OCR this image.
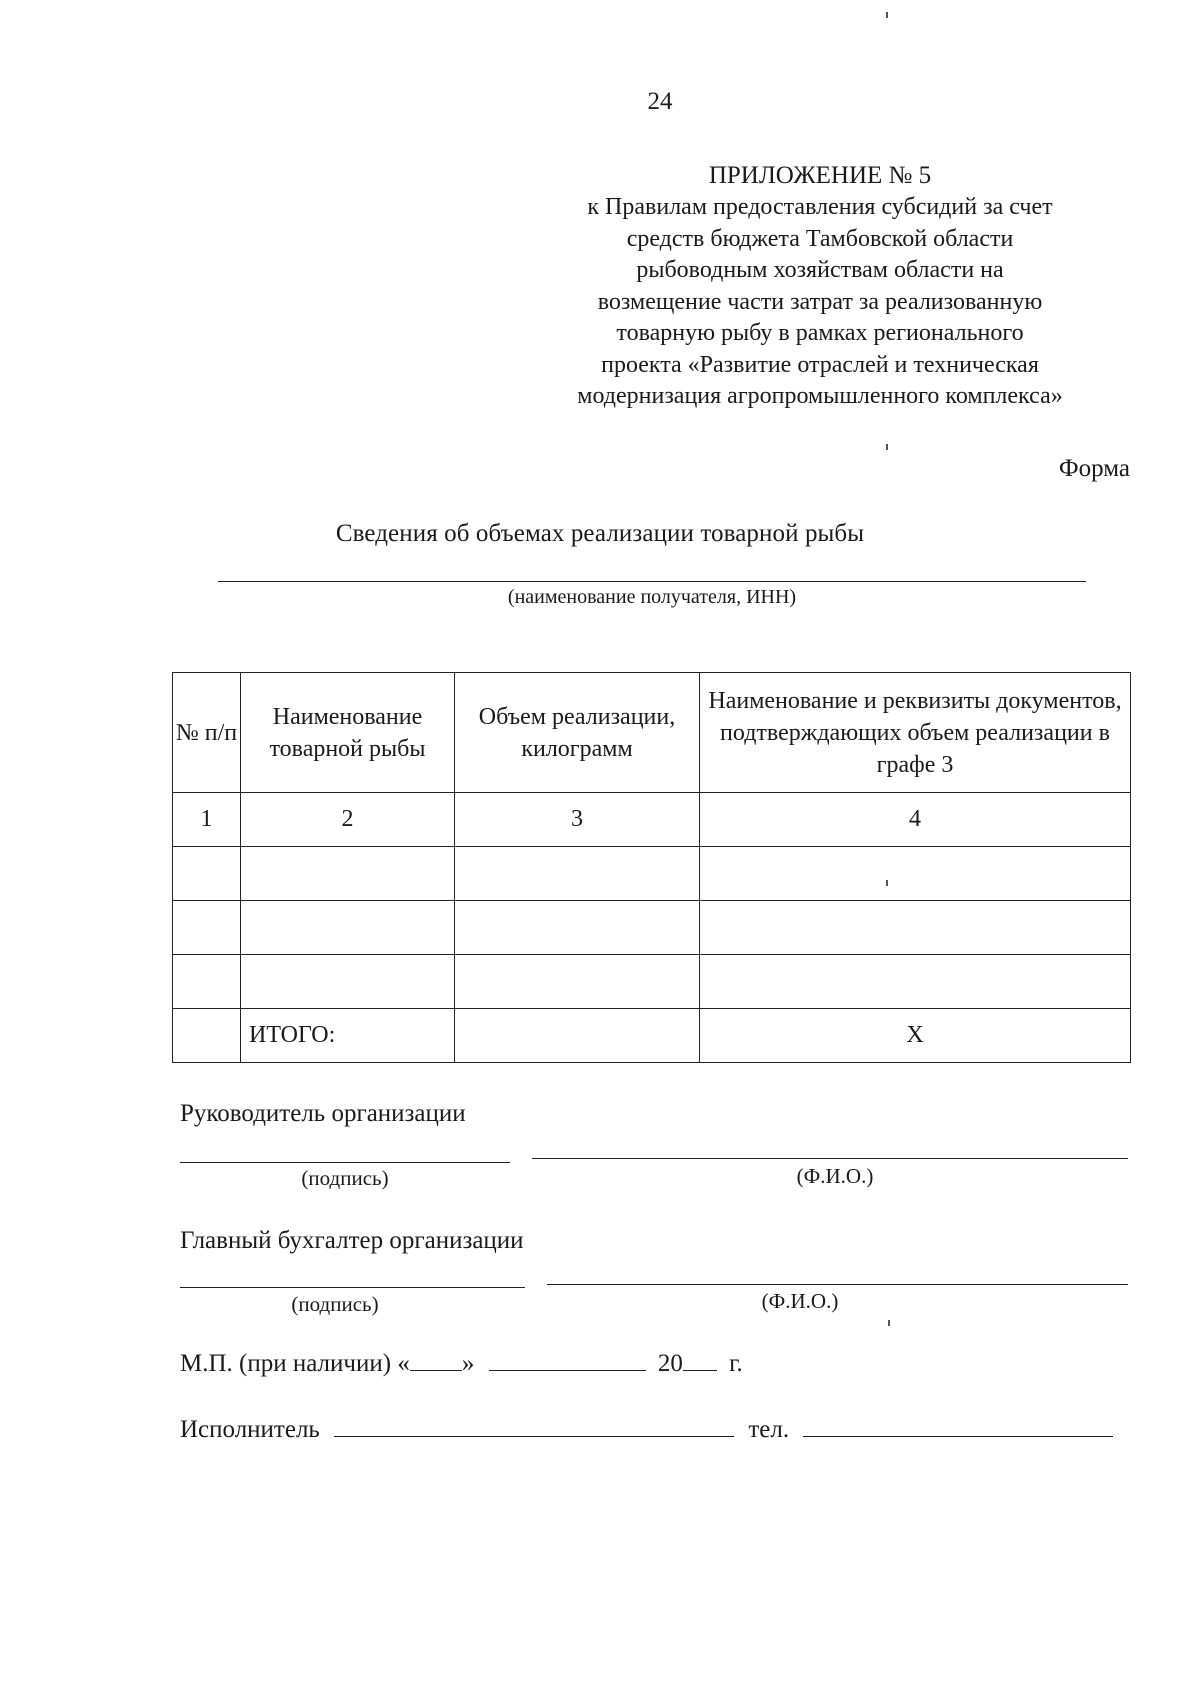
24
ПРИЛОЖЕНИЕ № 5
к Правилам предоставления субсидий за счет
средств бюджета Тамбовской области
рыбоводным хозяйствам области на
возмещение части затрат за реализованную
товарную рыбу в рамках регионального
проекта «Развитие отраслей и техническая
модернизация агропромышленного комплекса»
Форма
Сведения об объемах реализации товарной рыбы
(наименование получателя, ИНН)
№ п/п	Наименование товарной рыбы	Объем реализации, килограмм	Наименование и реквизиты документов, подтверждающих объем реализации в графе 3
1	2	3	4

	ИТОГО:		Х
Руководитель организации
(подпись)	(Ф.И.О.)
Главный бухгалтер организации
(подпись)	(Ф.И.О.)
М.П. (при наличии) « »	20 г.
Исполнитель	тел.
